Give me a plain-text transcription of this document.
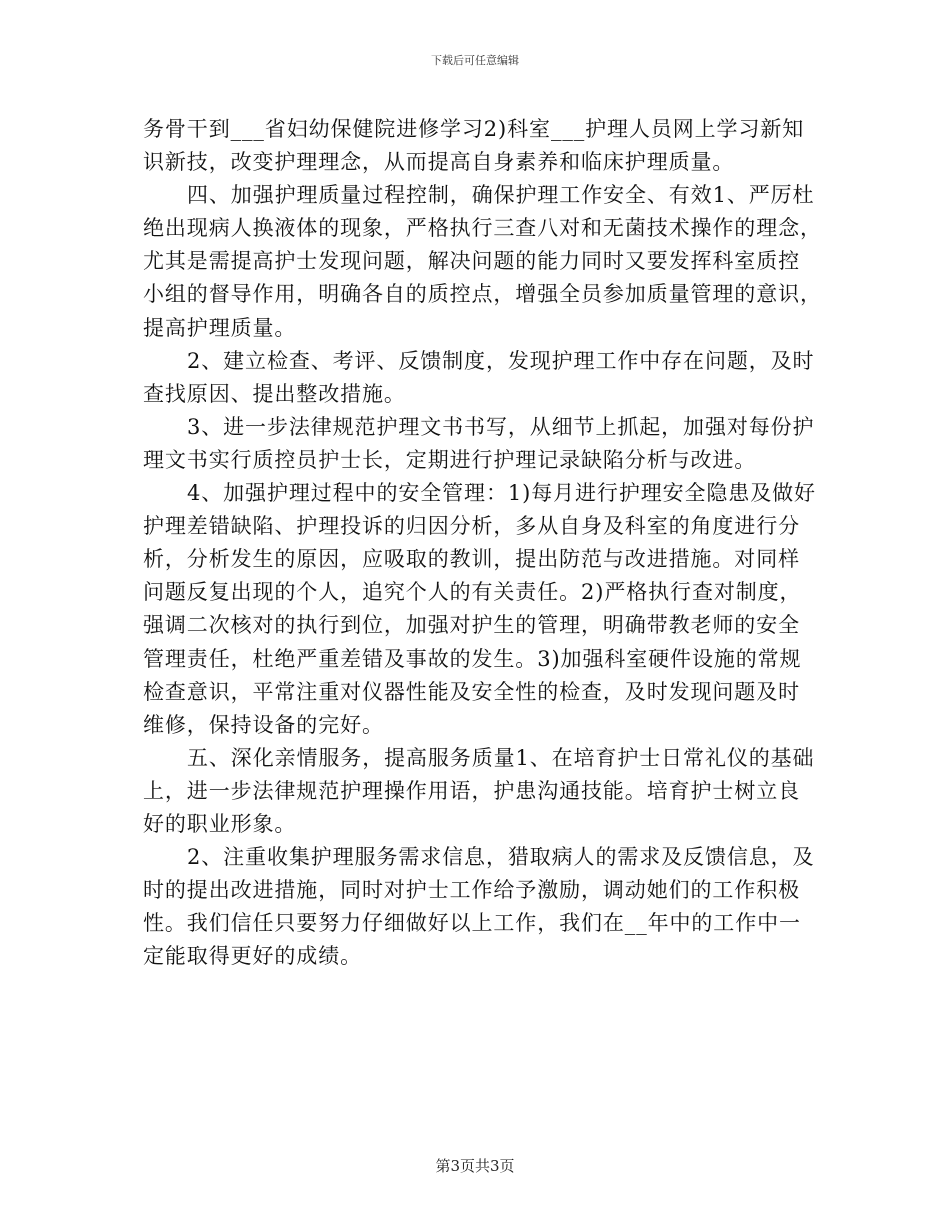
下载后可任意编辑
务骨干到___省妇幼保健院进修学习2)科室___护理人员网上学习新知
识新技，改变护理理念，从而提高自身素养和临床护理质量。
四、加强护理质量过程控制，确保护理工作安全、有效1、严厉杜
绝出现病人换液体的现象，严格执行三查八对和无菌技术操作的理念，
尤其是需提高护士发现问题，解决问题的能力同时又要发挥科室质控
小组的督导作用，明确各自的质控点，增强全员参加质量管理的意识，
提高护理质量。
2、建立检查、考评、反馈制度，发现护理工作中存在问题，及时
查找原因、提出整改措施。
3、进一步法律规范护理文书书写，从细节上抓起，加强对每份护
理文书实行质控员护士长，定期进行护理记录缺陷分析与改进。
4、加强护理过程中的安全管理：1)每月进行护理安全隐患及做好
护理差错缺陷、护理投诉的归因分析，多从自身及科室的角度进行分
析，分析发生的原因，应吸取的教训，提出防范与改进措施。对同样
问题反复出现的个人，追究个人的有关责任。2)严格执行查对制度，
强调二次核对的执行到位，加强对护生的管理，明确带教老师的安全
管理责任，杜绝严重差错及事故的发生。3)加强科室硬件设施的常规
检查意识，平常注重对仪器性能及安全性的检查，及时发现问题及时
维修，保持设备的完好。
五、深化亲情服务，提高服务质量1、在培育护士日常礼仪的基础
上，进一步法律规范护理操作用语，护患沟通技能。培育护士树立良
好的职业形象。
2、注重收集护理服务需求信息，猎取病人的需求及反馈信息，及
时的提出改进措施，同时对护士工作给予激励，调动她们的工作积极
性。我们信任只要努力仔细做好以上工作，我们在__年中的工作中一
定能取得更好的成绩。
第3页共3页
